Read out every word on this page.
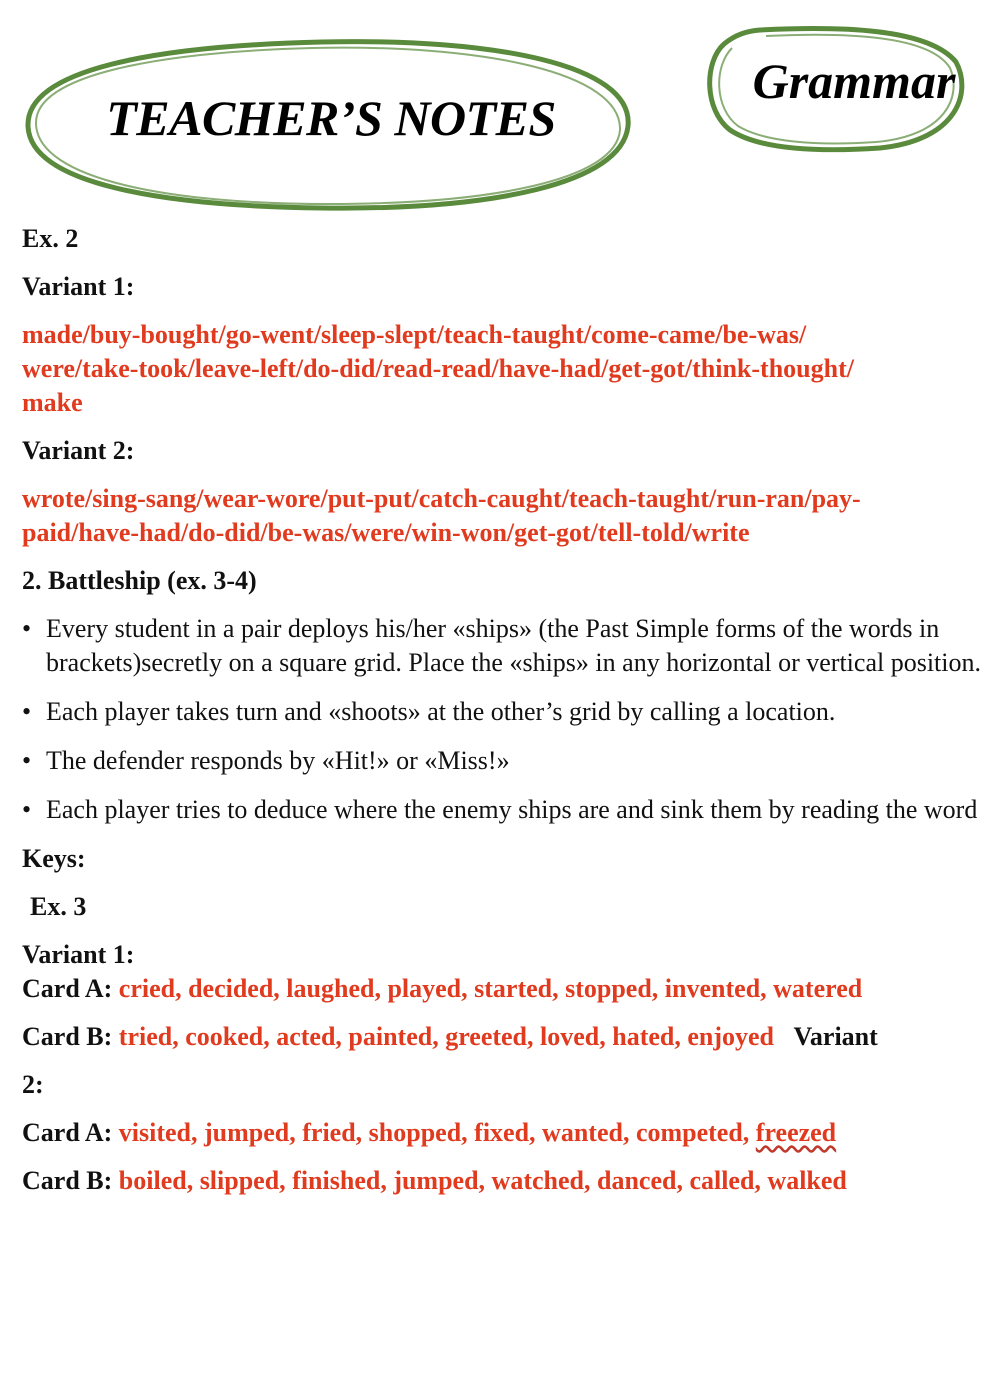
TEACHER’S NOTES
Grammar
Ex. 2
Variant 1:
made/buy-bought/go-went/sleep-slept/teach-taught/come-came/be-was/
were/take-took/leave-left/do-did/read-read/have-had/get-got/think-thought/
make
Variant 2:
wrote/sing-sang/wear-wore/put-put/catch-caught/teach-taught/run-ran/pay-
paid/have-had/do-did/be-was/were/win-won/get-got/tell-told/write
2. Battleship (ex. 3-4)
• Every student in a pair deploys his/her «ships» (the Past Simple forms of the words in brackets)secretly on a square grid. Place the «ships» in any horizontal or vertical position.
• Each player takes turn and «shoots» at the other’s grid by calling a location.
• The defender responds by «Hit!» or «Miss!»
• Each player tries to deduce where the enemy ships are and sink them by reading the word
Keys:
Ex. 3
Variant 1:
Card A: cried, decided, laughed, played, started, stopped, invented, watered
Card B: tried, cooked, acted, painted, greeted, loved, hated, enjoyed Variant
2:
Card A: visited, jumped, fried, shopped, fixed, wanted, competed, freezed
Card B: boiled, slipped, finished, jumped, watched, danced, called, walked
